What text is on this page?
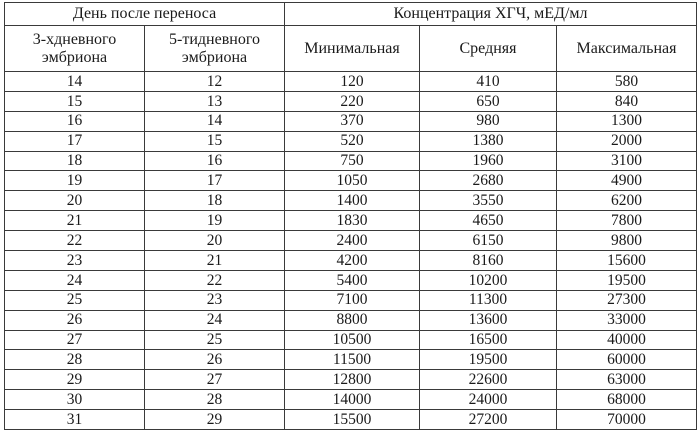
День после переноса		Концентрация ХГЧ, мЕД/мл		
3-хдневного эмбриона	5-тидневного эмбриона	Минимальная	Средняя	Максимальная
14	12	120	410	580
15	13	220	650	840
16	14	370	980	1300
17	15	520	1380	2000
18	16	750	1960	3100
19	17	1050	2680	4900
20	18	1400	3550	6200
21	19	1830	4650	7800
22	20	2400	6150	9800
23	21	4200	8160	15600
24	22	5400	10200	19500
25	23	7100	11300	27300
26	24	8800	13600	33000
27	25	10500	16500	40000
28	26	11500	19500	60000
29	27	12800	22600	63000
30	28	14000	24000	68000
31	29	15500	27200	70000
